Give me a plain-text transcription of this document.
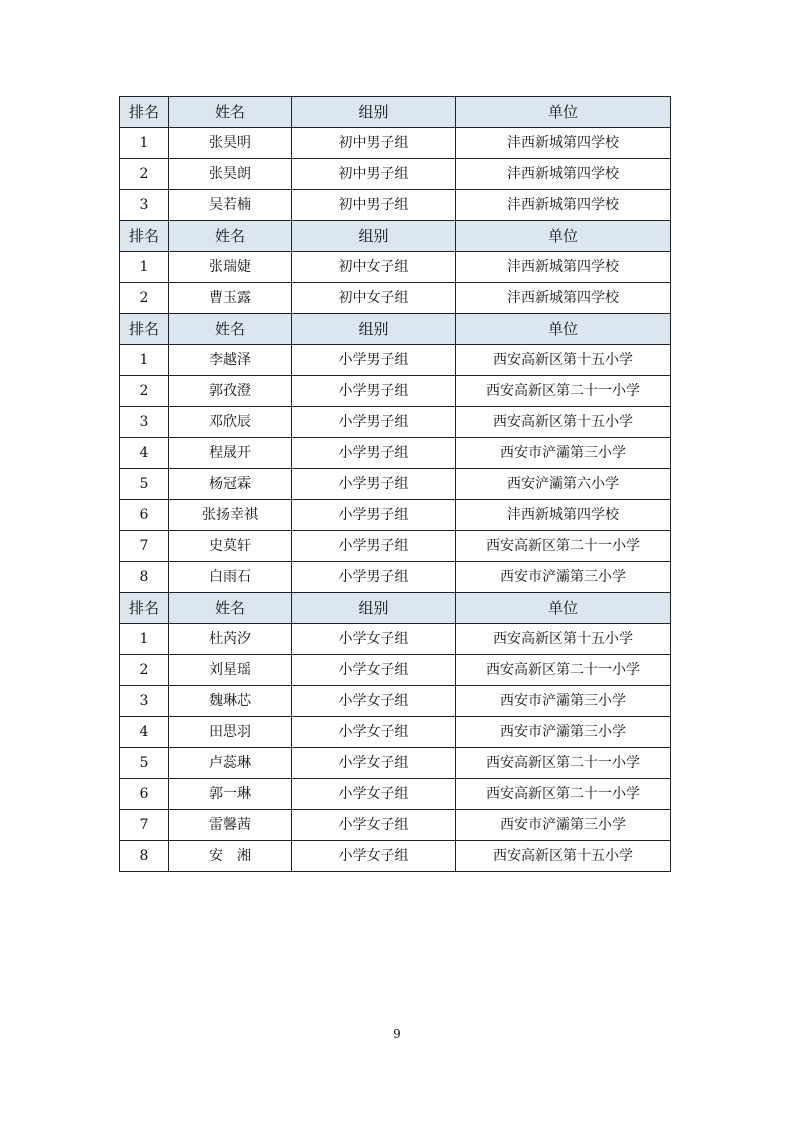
排名	姓名	组别	单位
1	张昊明	初中男子组	沣西新城第四学校
2	张昊朗	初中男子组	沣西新城第四学校
3	吴若楠	初中男子组	沣西新城第四学校
排名	姓名	组别	单位
1	张瑞婕	初中女子组	沣西新城第四学校
2	曹玉露	初中女子组	沣西新城第四学校
排名	姓名	组别	单位
1	李越泽	小学男子组	西安高新区第十五小学
2	郭孜澄	小学男子组	西安高新区第二十一小学
3	邓欣辰	小学男子组	西安高新区第十五小学
4	程晟开	小学男子组	西安市浐灞第三小学
5	杨冠霖	小学男子组	西安浐灞第六小学
6	张扬幸祺	小学男子组	沣西新城第四学校
7	史莫轩	小学男子组	西安高新区第二十一小学
8	白雨石	小学男子组	西安市浐灞第三小学
排名	姓名	组别	单位
1	杜芮汐	小学女子组	西安高新区第十五小学
2	刘星瑶	小学女子组	西安高新区第二十一小学
3	魏琳芯	小学女子组	西安市浐灞第三小学
4	田思羽	小学女子组	西安市浐灞第三小学
5	卢蕊琳	小学女子组	西安高新区第二十一小学
6	郭一琳	小学女子组	西安高新区第二十一小学
7	雷馨茜	小学女子组	西安市浐灞第三小学
8	安　湘	小学女子组	西安高新区第十五小学
9
